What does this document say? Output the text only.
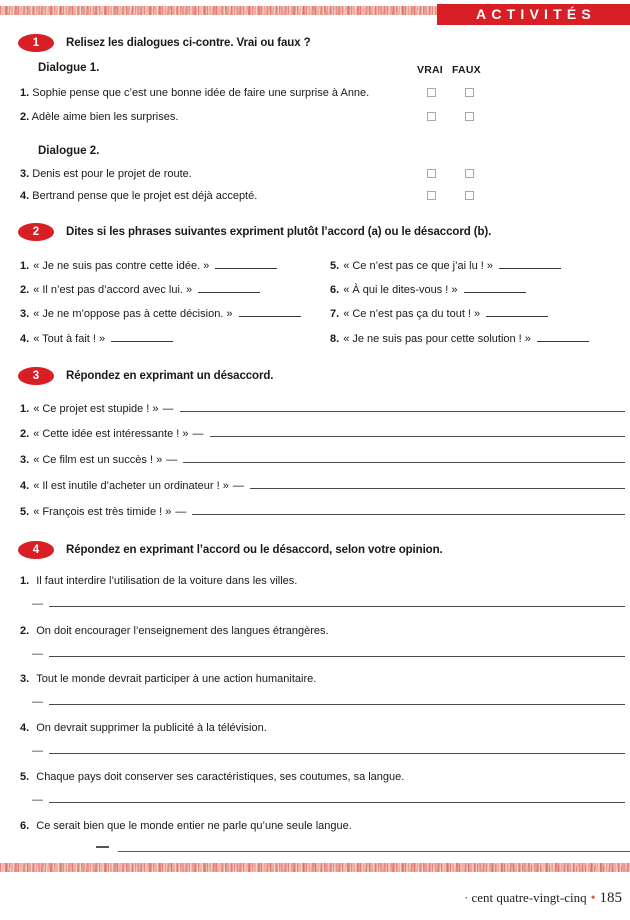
ACTIVITÉS
1	Relisez les dialogues ci-contre. Vrai ou faux ?
Dialogue 1.	VRAI FAUX
1. Sophie pense que c’est une bonne idée de faire une surprise à Anne.
2. Adèle aime bien les surprises.
Dialogue 2.
3. Denis est pour le projet de route.
4. Bertrand pense que le projet est déjà accepté.
2	Dites si les phrases suivantes expriment plutôt l’accord (a) ou le désaccord (b).
1. « Je ne suis pas contre cette idée. »
2. « Il n’est pas d’accord avec lui. »
3. « Je ne m’oppose pas à cette décision. »
4. « Tout à fait ! »
5. « Ce n’est pas ce que j’ai lu ! »
6. « À qui le dites-vous ! »
7. « Ce n’est pas ça du tout ! »
8. « Je ne suis pas pour cette solution ! »
3	Répondez en exprimant un désaccord.
1. « Ce projet est stupide ! » —
2. « Cette idée est intéressante ! » —
3. « Ce film est un succès ! » —
4. « Il est inutile d’acheter un ordinateur ! » —
5. « François est très timide ! » —
4	Répondez en exprimant l’accord ou le désaccord, selon votre opinion.
1. Il faut interdire l’utilisation de la voiture dans les villes.
—
2. On doit encourager l’enseignement des langues étrangères.
—
3. Tout le monde devrait participer à une action humanitaire.
—
4. On devrait supprimer la publicité à la télévision.
—
5. Chaque pays doit conserver ses caractéristiques, ses coutumes, sa langue.
—
6. Ce serait bien que le monde entier ne parle qu’une seule langue.
· cent quatre-vingt-cinq • 185
